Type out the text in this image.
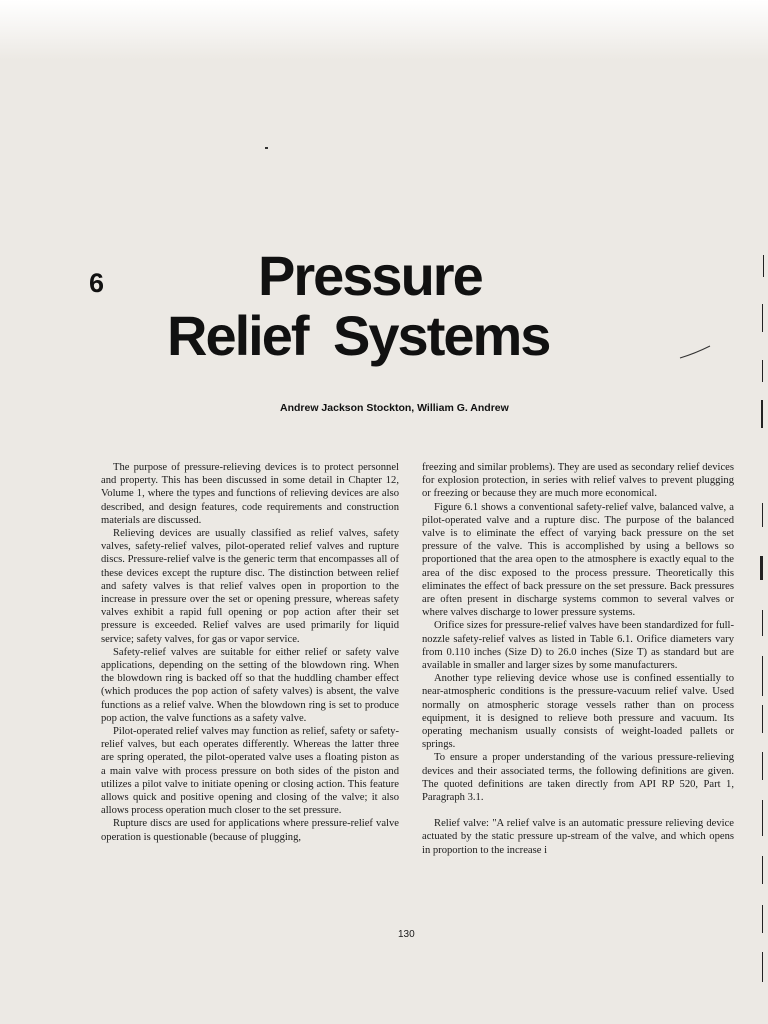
6	Pressure
Relief Systems
Andrew Jackson Stockton, William G. Andrew

The purpose of pressure-relieving devices is to protect personnel and property. This has been discussed in some detail in Chapter 12, Volume 1, where the types and functions of relieving devices are also described, and design features, code requirements and construction materials are discussed.

Relieving devices are usually classified as relief valves, safety valves, safety-relief valves, pilot-operated relief valves and rupture discs. Pressure-relief valve is the generic term that encompasses all of these devices except the rupture disc. The distinction between relief and safety valves is that relief valves open in proportion to the increase in pressure over the set or opening pressure, whereas safety valves exhibit a rapid full opening or pop action after their set pressure is exceeded. Relief valves are used primarily for liquid service; safety valves, for gas or vapor service.

Safety-relief valves are suitable for either relief or safety valve applications, depending on the setting of the blowdown ring. When the blowdown ring is backed off so that the huddling chamber effect (which produces the pop action of safety valves) is absent, the valve functions as a relief valve. When the blowdown ring is set to produce pop action, the valve functions as a safety valve.

Pilot-operated relief valves may function as relief, safety or safety-relief valves, but each operates differently. Whereas the latter three are spring operated, the pilot-operated valve uses a floating piston as a main valve with process pressure on both sides of the piston and utilizes a pilot valve to initiate opening or closing action. This feature allows quick and positive opening and closing of the valve; it also allows process operation much closer to the set pressure.

Rupture discs are used for applications where pressure-relief valve operation is questionable (because of plugging,

freezing and similar problems). They are used as secondary relief devices for explosion protection, in series with relief valves to prevent plugging or freezing or because they are much more economical.

Figure 6.1 shows a conventional safety-relief valve, balanced valve, a pilot-operated valve and a rupture disc. The purpose of the balanced valve is to eliminate the effect of varying back pressure on the set pressure of the valve. This is accomplished by using a bellows so proportioned that the area open to the atmosphere is exactly equal to the area of the disc exposed to the process pressure. Theoretically this eliminates the effect of back pressure on the set pressure. Back pressures are often present in discharge systems common to several valves or where valves discharge to lower pressure systems.

Orifice sizes for pressure-relief valves have been standardized for full-nozzle safety-relief valves as listed in Table 6.1. Orifice diameters vary from 0.110 inches (Size D) to 26.0 inches (Size T) as standard but are available in smaller and larger sizes by some manufacturers.

Another type relieving device whose use is confined essentially to near-atmospheric conditions is the pressure-vacuum relief valve. Used normally on atmospheric storage vessels rather than on process equipment, it is designed to relieve both pressure and vacuum. Its operating mechanism usually consists of weight-loaded pallets or springs.

To ensure a proper understanding of the various pressure-relieving devices and their associated terms, the following definitions are given. The quoted definitions are taken directly from API RP 520, Part 1, Paragraph 3.1.

Relief valve: "A relief valve is an automatic pressure relieving device actuated by the static pressure up-stream of the valve, and which opens in proportion to the increase i

130
